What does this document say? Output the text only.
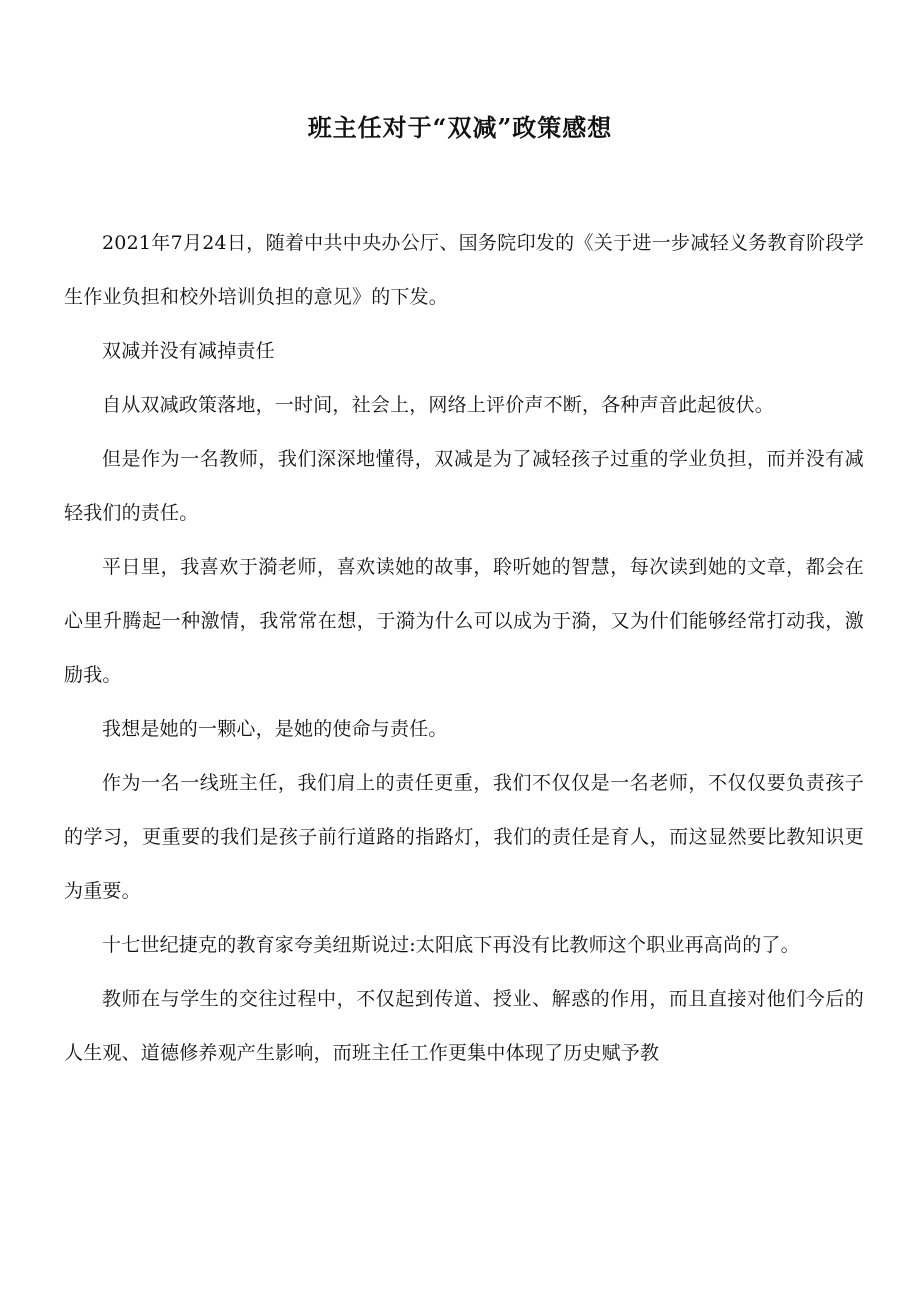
班主任对于“双减”政策感想

2021年7月24日，随着中共中央办公厅、国务院印发的《关于进一步减轻义务教育阶段学生作业负担和校外培训负担的意见》的下发。

双减并没有减掉责任

自从双减政策落地，一时间，社会上，网络上评价声不断，各种声音此起彼伏。

但是作为一名教师，我们深深地懂得，双减是为了减轻孩子过重的学业负担，而并没有减轻我们的责任。

平日里，我喜欢于漪老师，喜欢读她的故事，聆听她的智慧，每次读到她的文章，都会在心里升腾起一种激情，我常常在想，于漪为什么可以成为于漪，又为什们能够经常打动我，激励我。

我想是她的一颗心，是她的使命与责任。

作为一名一线班主任，我们肩上的责任更重，我们不仅仅是一名老师，不仅仅要负责孩子的学习，更重要的我们是孩子前行道路的指路灯，我们的责任是育人，而这显然要比教知识更为重要。

十七世纪捷克的教育家夸美纽斯说过:太阳底下再没有比教师这个职业再高尚的了。

教师在与学生的交往过程中，不仅起到传道、授业、解惑的作用，而且直接对他们今后的人生观、道德修养观产生影响，而班主任工作更集中体现了历史赋予教
